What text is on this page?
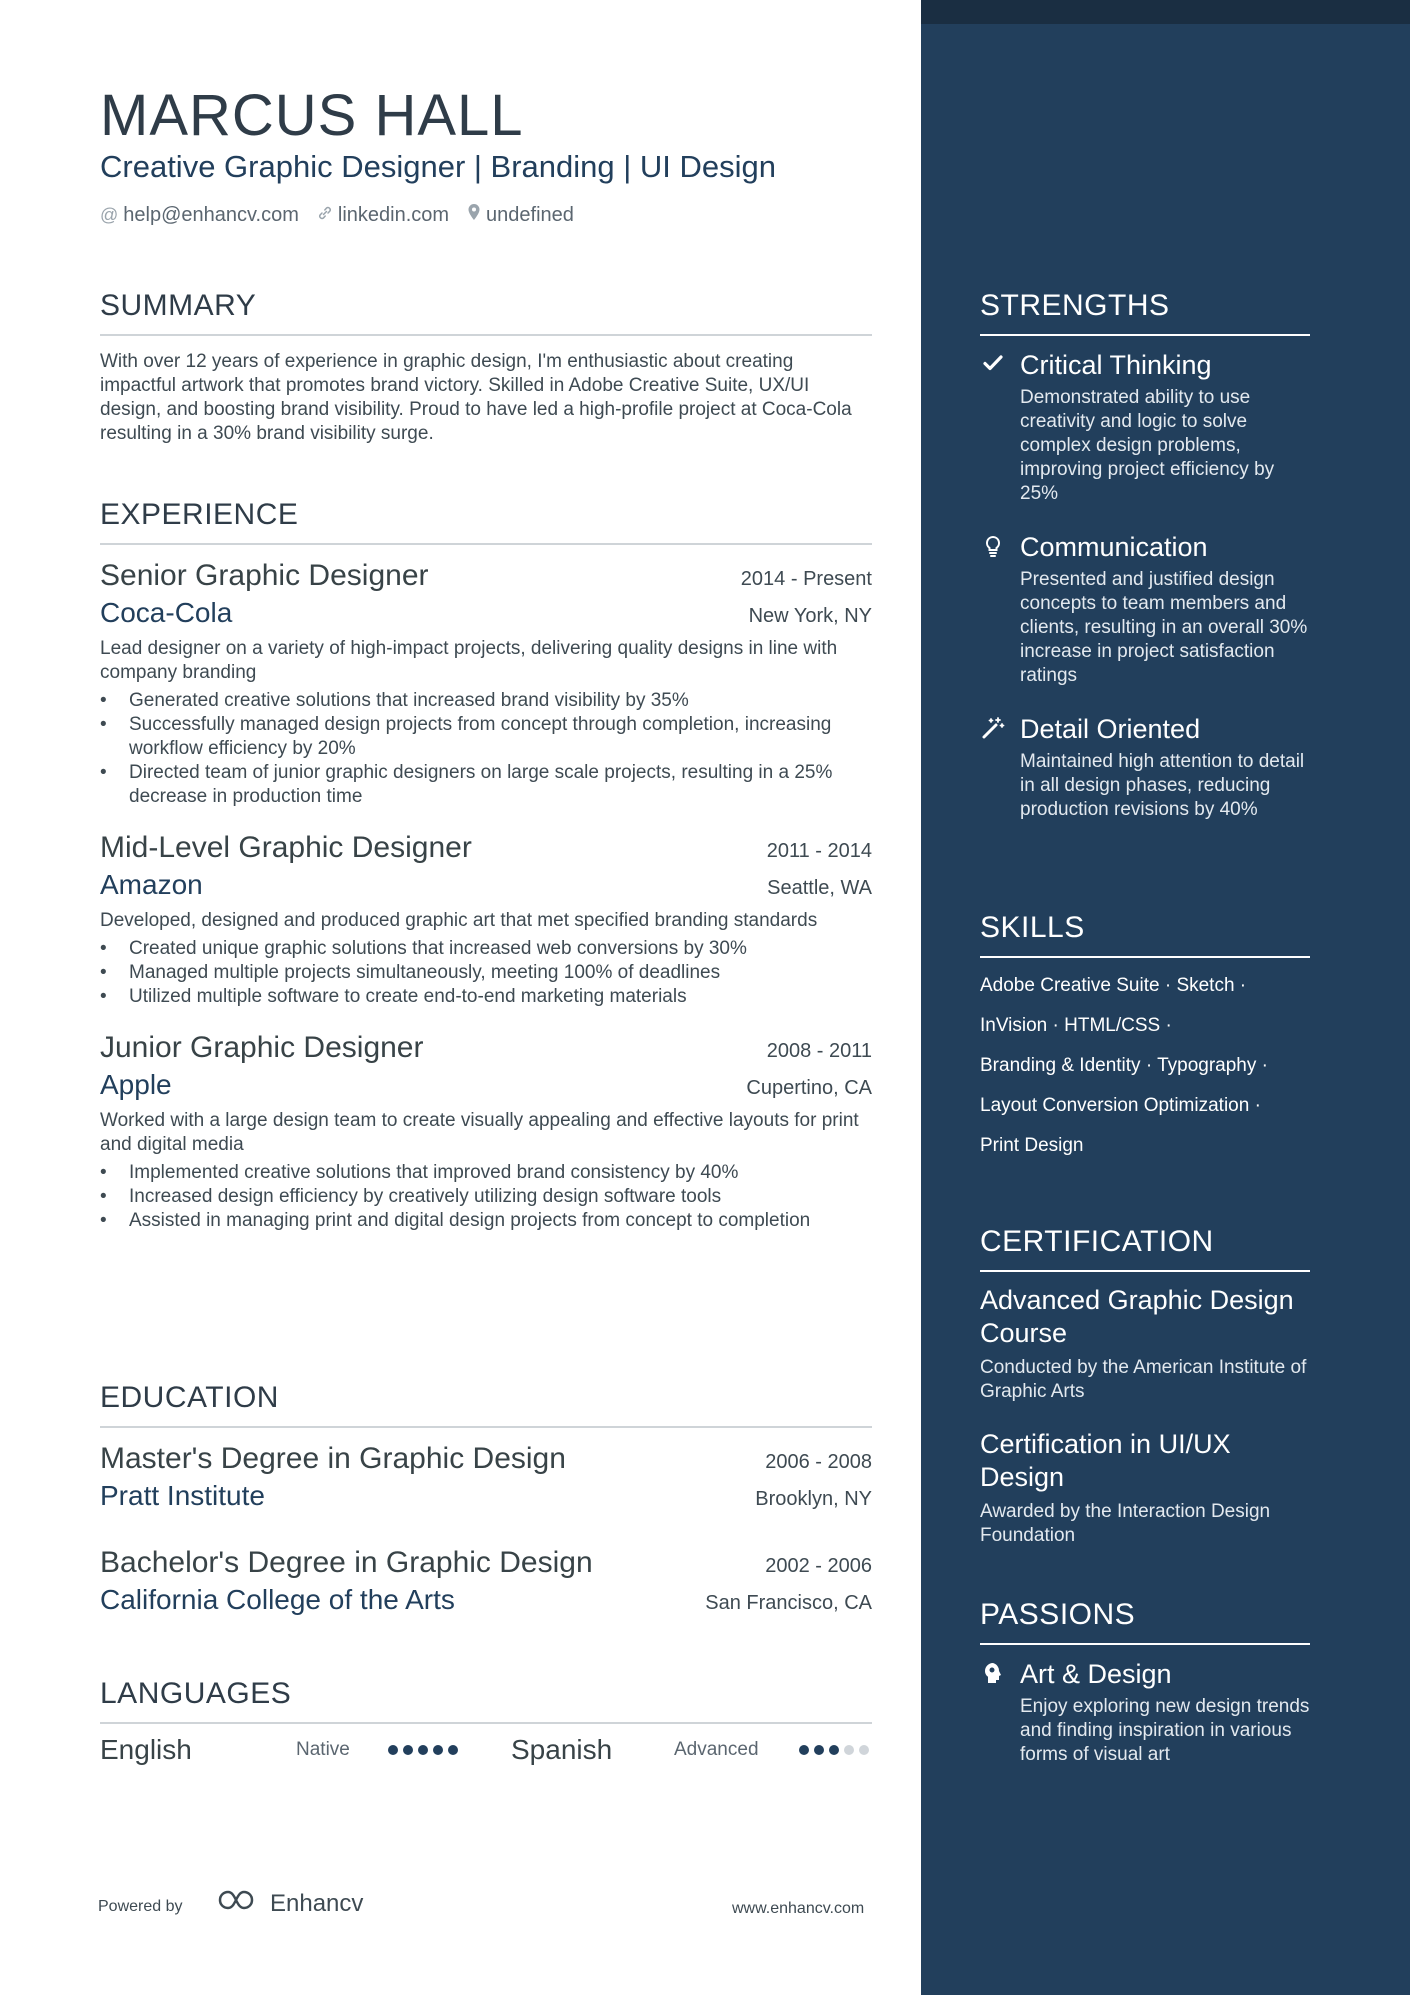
MARCUS HALL
Creative Graphic Designer | Branding | UI Design
@ help@enhancv.com linkedin.com undefined
SUMMARY
With over 12 years of experience in graphic design, I'm enthusiastic about creating impactful artwork that promotes brand victory. Skilled in Adobe Creative Suite, UX/UI design, and boosting brand visibility. Proud to have led a high-profile project at Coca-Cola resulting in a 30% brand visibility surge.
EXPERIENCE
Senior Graphic Designer	2014 - Present
Coca-Cola	New York, NY
Lead designer on a variety of high-impact projects, delivering quality designs in line with company branding
• Generated creative solutions that increased brand visibility by 35%
• Successfully managed design projects from concept through completion, increasing workflow efficiency by 20%
• Directed team of junior graphic designers on large scale projects, resulting in a 25% decrease in production time
Mid-Level Graphic Designer	2011 - 2014
Amazon	Seattle, WA
Developed, designed and produced graphic art that met specified branding standards
• Created unique graphic solutions that increased web conversions by 30%
• Managed multiple projects simultaneously, meeting 100% of deadlines
• Utilized multiple software to create end-to-end marketing materials
Junior Graphic Designer	2008 - 2011
Apple	Cupertino, CA
Worked with a large design team to create visually appealing and effective layouts for print and digital media
• Implemented creative solutions that improved brand consistency by 40%
• Increased design efficiency by creatively utilizing design software tools
• Assisted in managing print and digital design projects from concept to completion
EDUCATION
Master's Degree in Graphic Design	2006 - 2008
Pratt Institute	Brooklyn, NY
Bachelor's Degree in Graphic Design	2002 - 2006
California College of the Arts	San Francisco, CA
LANGUAGES
English	Native	Spanish	Advanced
Powered by	Enhancv	www.enhancv.com
STRENGTHS
Critical Thinking
Demonstrated ability to use creativity and logic to solve complex design problems, improving project efficiency by 25%
Communication
Presented and justified design concepts to team members and clients, resulting in an overall 30% increase in project satisfaction ratings
Detail Oriented
Maintained high attention to detail in all design phases, reducing production revisions by 40%
SKILLS
Adobe Creative Suite · Sketch ·
InVision · HTML/CSS ·
Branding & Identity · Typography ·
Layout Conversion Optimization ·
Print Design
CERTIFICATION
Advanced Graphic Design Course
Conducted by the American Institute of Graphic Arts
Certification in UI/UX Design
Awarded by the Interaction Design Foundation
PASSIONS
Art & Design
Enjoy exploring new design trends and finding inspiration in various forms of visual art
